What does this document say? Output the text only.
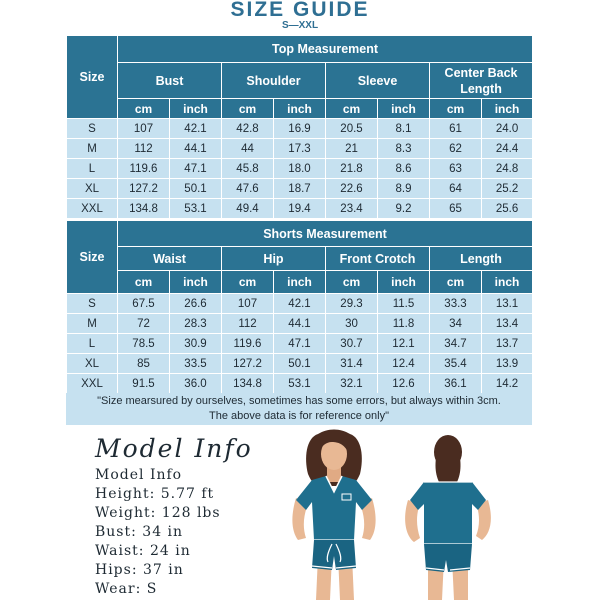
SIZE GUIDE
S—XXL
Size	Top Measurement							
	Bust		Shoulder		Sleeve		Center Back Length	
	cm	inch	cm	inch	cm	inch	cm	inch
S	107	42.1	42.8	16.9	20.5	8.1	61	24.0
M	112	44.1	44	17.3	21	8.3	62	24.4
L	119.6	47.1	45.8	18.0	21.8	8.6	63	24.8
XL	127.2	50.1	47.6	18.7	22.6	8.9	64	25.2
XXL	134.8	53.1	49.4	19.4	23.4	9.2	65	25.6
Size	Shorts Measurement							
	Waist		Hip		Front Crotch		Length	
	cm	inch	cm	inch	cm	inch	cm	inch
S	67.5	26.6	107	42.1	29.3	11.5	33.3	13.1
M	72	28.3	112	44.1	30	11.8	34	13.4
L	78.5	30.9	119.6	47.1	30.7	12.1	34.7	13.7
XL	85	33.5	127.2	50.1	31.4	12.4	35.4	13.9
XXL	91.5	36.0	134.8	53.1	32.1	12.6	36.1	14.2
"Size mearsured by ourselves, sometimes has some errors, but always within 3cm.
The above data is for reference only"
Model Info
Model Info
Height: 5.77 ft
Weight: 128 lbs
Bust: 34 in
Waist: 24 in
Hips: 37 in
Wear: S
